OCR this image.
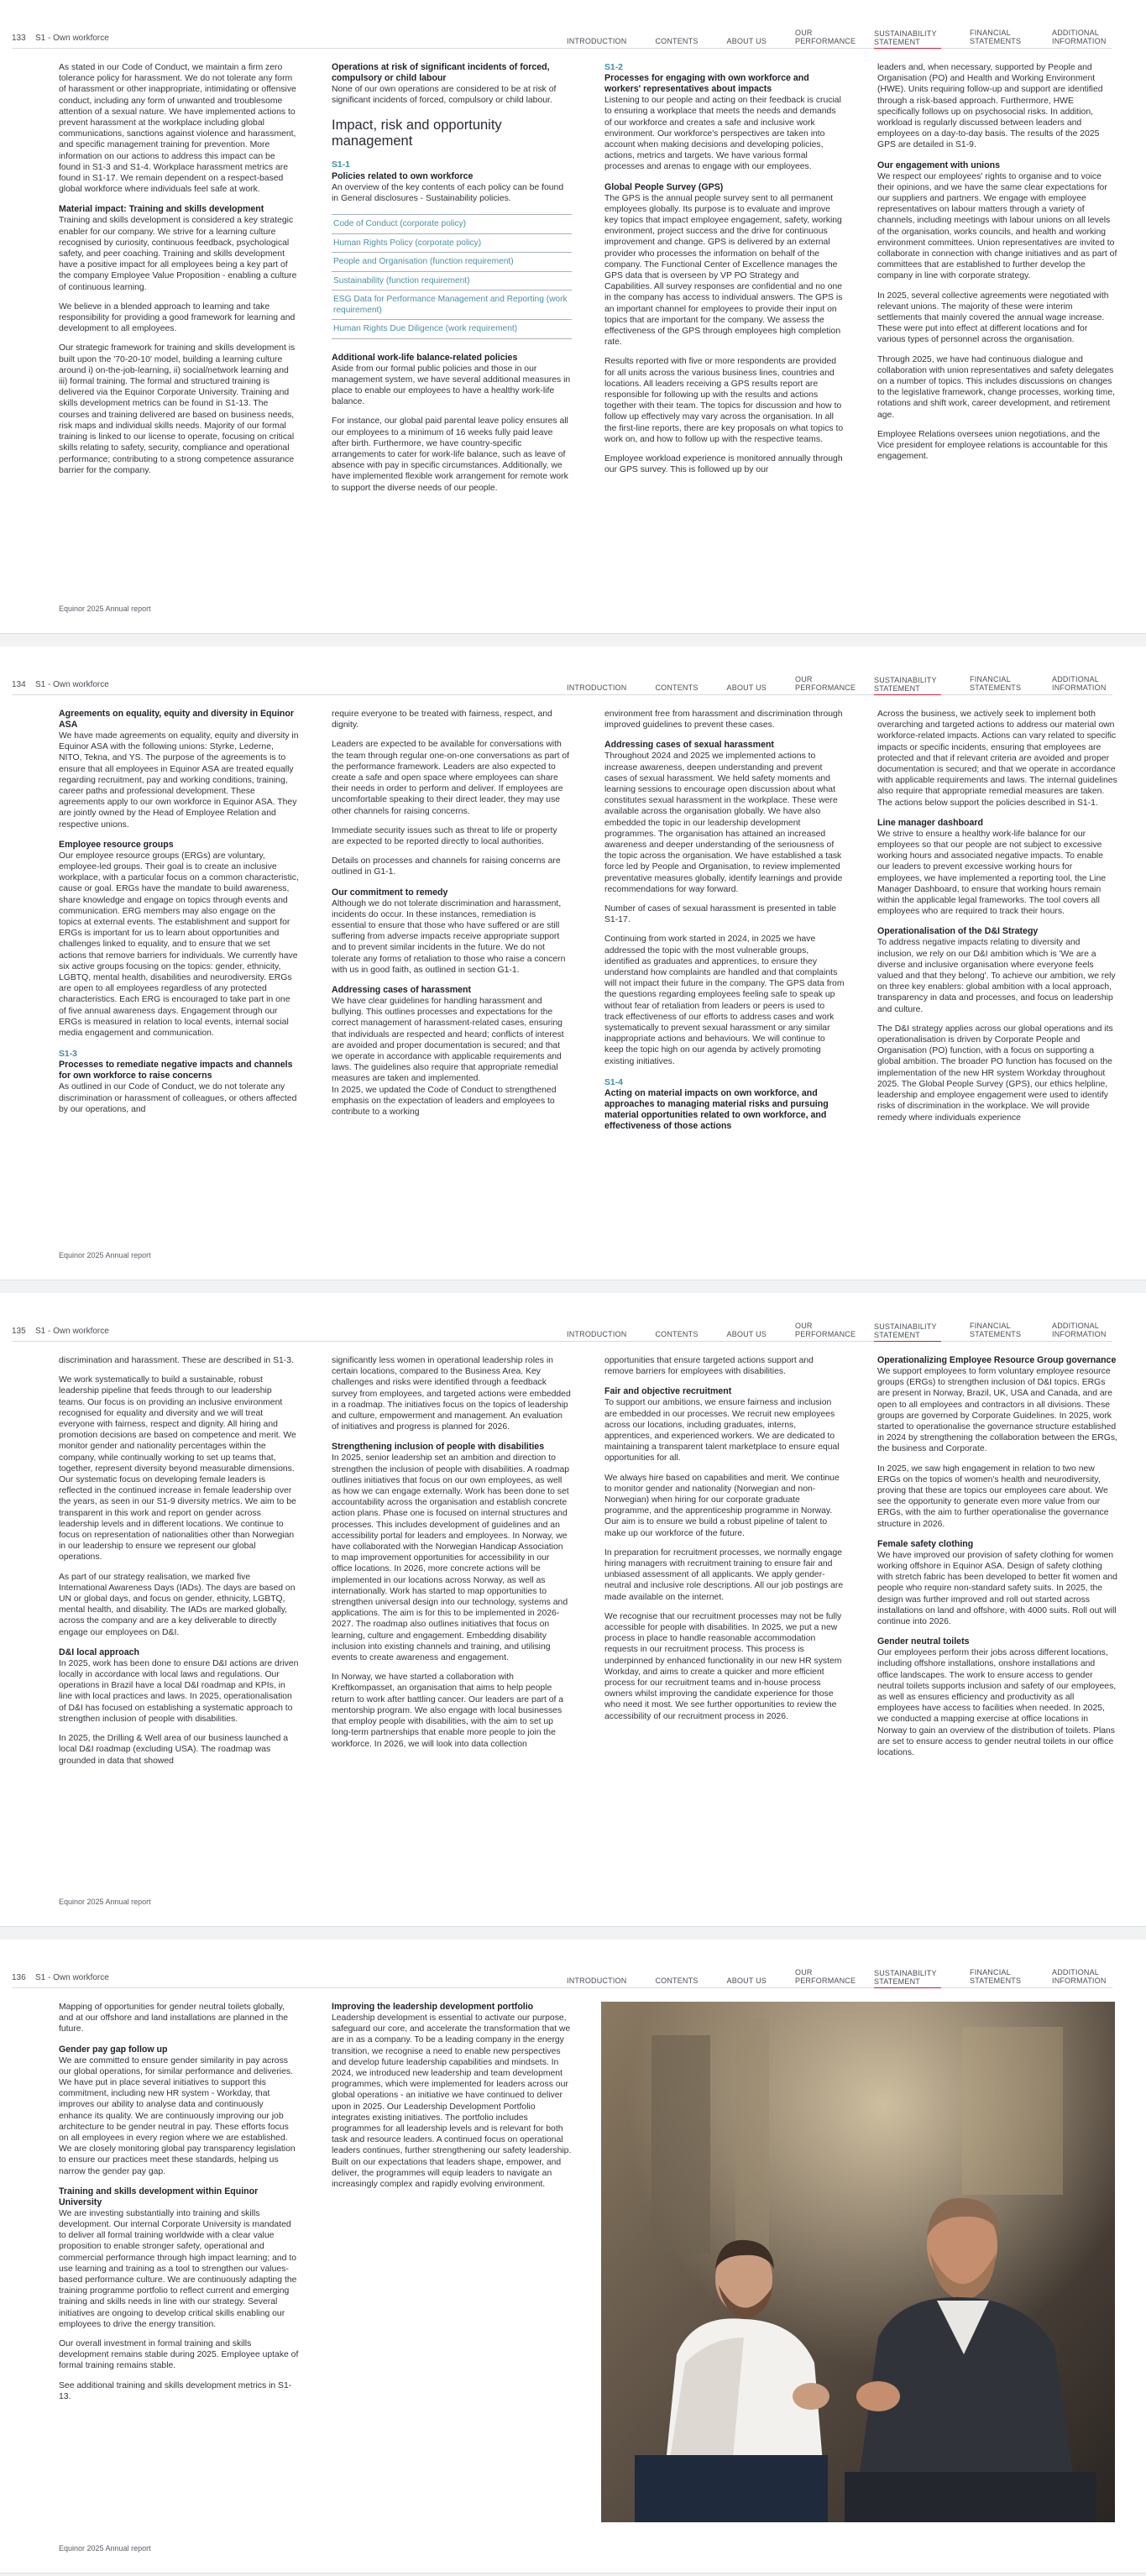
133 S1 - Own workforce	INTRODUCTION	CONTENTS	ABOUT US
OUR PERFORMANCE
SUSTAINABILITY STATEMENT
FINANCIAL STATEMENTS
ADDITIONAL INFORMATION

As stated in our Code of Conduct, we maintain a firm zero tolerance policy for harassment. We do not tolerate any form of harassment or other inappropriate, intimidating or offensive conduct, including any form of unwanted and troublesome attention of a sexual nature. We have implemented actions to prevent harassment at the workplace including global communications, sanctions against violence and harassment, and specific management training for prevention. More information on our actions to address this impact can be found in S1-3 and S1-4. Workplace harassment metrics are found in S1-17. We remain dependent on a respect-based global workforce where individuals feel safe at work.

Material impact: Training and skills development

Training and skills development is considered a key strategic enabler for our company. We strive for a learning culture recognised by curiosity, continuous feedback, psychological safety, and peer coaching. Training and skills development have a positive impact for all employees being a key part of the company Employee Value Proposition - enabling a culture of continuous learning.

We believe in a blended approach to learning and take responsibility for providing a good framework for learning and development to all employees.

Our strategic framework for training and skills development is built upon the '70-20-10' model, building a learning culture around i) on-the-job-learning, ii) social/network learning and iii) formal training. The formal and structured training is delivered via the Equinor Corporate University. Training and skills development metrics can be found in S1-13. The courses and training delivered are based on business needs, risk maps and individual skills needs. Majority of our formal training is linked to our license to operate, focusing on critical skills relating to safety, security, compliance and operational performance; contributing to a strong competence assurance barrier for the company.

Operations at risk of significant incidents of forced, compulsory or child labour

None of our own operations are considered to be at risk of significant incidents of forced, compulsory or child labour.

Impact, risk and opportunity management
S1-1
Policies related to own workforce

An overview of the key contents of each policy can be found in General disclosures - Sustainability policies.

Code of Conduct (corporate policy)
Human Rights Policy (corporate policy)
People and Organisation (function requirement)
Sustainability (function requirement)
ESG Data for Performance Management and Reporting (work requirement)
Human Rights Due Diligence (work requirement)
Additional work-life balance-related policies

Aside from our formal public policies and those in our management system, we have several additional measures in place to enable our employees to have a healthy work-life balance.

For instance, our global paid parental leave policy ensures all our employees to a minimum of 16 weeks fully paid leave after birth. Furthermore, we have country-specific arrangements to cater for work-life balance, such as leave of absence with pay in specific circumstances. Additionally, we have implemented flexible work arrangement for remote work to support the diverse needs of our people.

S1-2
Processes for engaging with own workforce and workers' representatives about impacts

Listening to our people and acting on their feedback is crucial to ensuring a workplace that meets the needs and demands of our workforce and creates a safe and inclusive work environment. Our workforce's perspectives are taken into account when making decisions and developing policies, actions, metrics and targets. We have various formal processes and arenas to engage with our employees.

Global People Survey (GPS)

The GPS is the annual people survey sent to all permanent employees globally. Its purpose is to evaluate and improve key topics that impact employee engagement, safety, working environment, project success and the drive for continuous improvement and change. GPS is delivered by an external provider who processes the information on behalf of the company. The Functional Center of Excellence manages the GPS data that is overseen by VP PO Strategy and Capabilities. All survey responses are confidential and no one in the company has access to individual answers. The GPS is an important channel for employees to provide their input on topics that are important for the company. We assess the effectiveness of the GPS through employees high completion rate.

Results reported with five or more respondents are provided for all units across the various business lines, countries and locations. All leaders receiving a GPS results report are responsible for following up with the results and actions together with their team. The topics for discussion and how to follow up effectively may vary across the organisation. In all the first-line reports, there are key proposals on what topics to work on, and how to follow up with the respective teams.

Employee workload experience is monitored annually through our GPS survey. This is followed up by our

leaders and, when necessary, supported by People and Organisation (PO) and Health and Working Environment (HWE). Units requiring follow-up and support are identified through a risk-based approach. Furthermore, HWE specifically follows up on psychosocial risks. In addition, workload is regularly discussed between leaders and employees on a day-to-day basis. The results of the 2025 GPS are detailed in S1-9.

Our engagement with unions

We respect our employees' rights to organise and to voice their opinions, and we have the same clear expectations for our suppliers and partners. We engage with employee representatives on labour matters through a variety of channels, including meetings with labour unions on all levels of the organisation, works councils, and health and working environment committees. Union representatives are invited to collaborate in connection with change initiatives and as part of committees that are established to further develop the company in line with corporate strategy.

In 2025, several collective agreements were negotiated with relevant unions. The majority of these were interim settlements that mainly covered the annual wage increase. These were put into effect at different locations and for various types of personnel across the organisation.

Through 2025, we have had continuous dialogue and collaboration with union representatives and safety delegates on a number of topics. This includes discussions on changes to the legislative framework, change processes, working time, rotations and shift work, career development, and retirement age.

Employee Relations oversees union negotiations, and the Vice president for employee relations is accountable for this engagement.

Equinor 2025 Annual report
134 S1 - Own workforce	INTRODUCTION	CONTENTS	ABOUT US
OUR PERFORMANCE
SUSTAINABILITY STATEMENT
FINANCIAL STATEMENTS
ADDITIONAL INFORMATION
Agreements on equality, equity and diversity in Equinor ASA

We have made agreements on equality, equity and diversity in Equinor ASA with the following unions: Styrke, Lederne, NITO, Tekna, and YS. The purpose of the agreements is to ensure that all employees in Equinor ASA are treated equally regarding recruitment, pay and working conditions, training, career paths and professional development. These agreements apply to our own workforce in Equinor ASA. They are jointly owned by the Head of Employee Relation and respective unions.

Employee resource groups

Our employee resource groups (ERGs) are voluntary, employee-led groups. Their goal is to create an inclusive workplace, with a particular focus on a common characteristic, cause or goal. ERGs have the mandate to build awareness, share knowledge and engage on topics through events and communication. ERG members may also engage on the topics at external events. The establishment and support for ERGs is important for us to learn about opportunities and challenges linked to equality, and to ensure that we set actions that remove barriers for individuals. We currently have six active groups focusing on the topics: gender, ethnicity, LGBTQ, mental health, disabilities and neurodiversity. ERGs are open to all employees regardless of any protected characteristics. Each ERG is encouraged to take part in one of five annual awareness days. Engagement through our ERGs is measured in relation to local events, internal social media engagement and communication.

S1-3
Processes to remediate negative impacts and channels for own workforce to raise concerns

As outlined in our Code of Conduct, we do not tolerate any discrimination or harassment of colleagues, or others affected by our operations, and

require everyone to be treated with fairness, respect, and dignity.

Leaders are expected to be available for conversations with the team through regular one-on-one conversations as part of the performance framework. Leaders are also expected to create a safe and open space where employees can share their needs in order to perform and deliver. If employees are uncomfortable speaking to their direct leader, they may use other channels for raising concerns.

Immediate security issues such as threat to life or property are expected to be reported directly to local authorities.

Details on processes and channels for raising concerns are outlined in G1-1.

Our commitment to remedy

Although we do not tolerate discrimination and harassment, incidents do occur. In these instances, remediation is essential to ensure that those who have suffered or are still suffering from adverse impacts receive appropriate support and to prevent similar incidents in the future. We do not tolerate any forms of retaliation to those who raise a concern with us in good faith, as outlined in section G1-1.

Addressing cases of harassment

We have clear guidelines for handling harassment and bullying. This outlines processes and expectations for the correct management of harassment-related cases, ensuring that individuals are respected and heard; conflicts of interest are avoided and proper documentation is secured; and that we operate in accordance with applicable requirements and laws. The guidelines also require that appropriate remedial measures are taken and implemented.

In 2025, we updated the Code of Conduct to strengthened emphasis on the expectation of leaders and employees to contribute to a working

environment free from harassment and discrimination through improved guidelines to prevent these cases.

Addressing cases of sexual harassment

Throughout 2024 and 2025 we implemented actions to increase awareness, deepen understanding and prevent cases of sexual harassment. We held safety moments and learning sessions to encourage open discussion about what constitutes sexual harassment in the workplace. These were available across the organisation globally. We have also embedded the topic in our leadership development programmes. The organisation has attained an increased awareness and deeper understanding of the seriousness of the topic across the organisation. We have established a task force led by People and Organisation, to review implemented preventative measures globally, identify learnings and provide recommendations for way forward.

Number of cases of sexual harassment is presented in table S1-17.

Continuing from work started in 2024, in 2025 we have addressed the topic with the most vulnerable groups, identified as graduates and apprentices, to ensure they understand how complaints are handled and that complaints will not impact their future in the company. The GPS data from the questions regarding employees feeling safe to speak up without fear of retaliation from leaders or peers is used to track effectiveness of our efforts to address cases and work systematically to prevent sexual harassment or any similar inappropriate actions and behaviours. We will continue to keep the topic high on our agenda by actively promoting existing initiatives.

S1-4
Acting on material impacts on own workforce, and approaches to managing material risks and pursuing material opportunities related to own workforce, and effectiveness of those actions

Across the business, we actively seek to implement both overarching and targeted actions to address our material own workforce-related impacts. Actions can vary related to specific impacts or specific incidents, ensuring that employees are protected and that if relevant criteria are avoided and proper documentation is secured; and that we operate in accordance with applicable requirements and laws. The internal guidelines also require that appropriate remedial measures are taken. The actions below support the policies described in S1-1.

Line manager dashboard

We strive to ensure a healthy work-life balance for our employees so that our people are not subject to excessive working hours and associated negative impacts. To enable our leaders to prevent excessive working hours for employees, we have implemented a reporting tool, the Line Manager Dashboard, to ensure that working hours remain within the applicable legal frameworks. The tool covers all employees who are required to track their hours.

Operationalisation of the D&I Strategy

To address negative impacts relating to diversity and inclusion, we rely on our D&I ambition which is 'We are a diverse and inclusive organisation where everyone feels valued and that they belong'. To achieve our ambition, we rely on three key enablers: global ambition with a local approach, transparency in data and processes, and focus on leadership and culture.

The D&I strategy applies across our global operations and its operationalisation is driven by Corporate People and Organisation (PO) function, with a focus on supporting a global ambition. The broader PO function has focused on the implementation of the new HR system Workday throughout 2025. The Global People Survey (GPS), our ethics helpline, leadership and employee engagement were used to identify risks of discrimination in the workplace. We will provide remedy where individuals experience

Equinor 2025 Annual report
135 S1 - Own workforce	INTRODUCTION	CONTENTS	ABOUT US
OUR PERFORMANCE
SUSTAINABILITY STATEMENT
FINANCIAL STATEMENTS
ADDITIONAL INFORMATION

discrimination and harassment. These are described in S1-3.

We work systematically to build a sustainable, robust leadership pipeline that feeds through to our leadership teams. Our focus is on providing an inclusive environment recognised for equality and diversity and we will treat everyone with fairness, respect and dignity. All hiring and promotion decisions are based on competence and merit. We monitor gender and nationality percentages within the company, while continually working to set up teams that, together, represent diversity beyond measurable dimensions. Our systematic focus on developing female leaders is reflected in the continued increase in female leadership over the years, as seen in our S1-9 diversity metrics. We aim to be transparent in this work and report on gender across leadership levels and in different locations. We continue to focus on representation of nationalities other than Norwegian in our leadership to ensure we represent our global operations.

As part of our strategy realisation, we marked five International Awareness Days (IADs). The days are based on UN or global days, and focus on gender, ethnicity, LGBTQ, mental health, and disability. The IADs are marked globally, across the company and are a key deliverable to directly engage our employees on D&I.

D&I local approach

In 2025, work has been done to ensure D&I actions are driven locally in accordance with local laws and regulations. Our operations in Brazil have a local D&I roadmap and KPIs, in line with local practices and laws. In 2025, operationalisation of D&I has focused on establishing a systematic approach to strengthen inclusion of people with disabilities.

In 2025, the Drilling & Well area of our business launched a local D&I roadmap (excluding USA). The roadmap was grounded in data that showed

significantly less women in operational leadership roles in certain locations, compared to the Business Area. Key challenges and risks were identified through a feedback survey from employees, and targeted actions were embedded in a roadmap. The initiatives focus on the topics of leadership and culture, empowerment and management. An evaluation of initiatives and progress is planned for 2026.

Strengthening inclusion of people with disabilities

In 2025, senior leadership set an ambition and direction to strengthen the inclusion of people with disabilities. A roadmap outlines initiatives that focus on our own employees, as well as how we can engage externally. Work has been done to set accountability across the organisation and establish concrete action plans. Phase one is focused on internal structures and processes. This includes development of guidelines and an accessibility portal for leaders and employees. In Norway, we have collaborated with the Norwegian Handicap Association to map improvement opportunities for accessibility in our office locations. In 2026, more concrete actions will be implemented in our locations across Norway, as well as internationally. Work has started to map opportunities to strengthen universal design into our technology, systems and applications. The aim is for this to be implemented in 2026-2027. The roadmap also outlines initiatives that focus on learning, culture and engagement. Embedding disability inclusion into existing channels and training, and utilising events to create awareness and engagement.

In Norway, we have started a collaboration with Kreftkompasset, an organisation that aims to help people return to work after battling cancer. Our leaders are part of a mentorship program. We also engage with local businesses that employ people with disabilities, with the aim to set up long-term partnerships that enable more people to join the workforce. In 2026, we will look into data collection

opportunities that ensure targeted actions support and remove barriers for employees with disabilities.

Fair and objective recruitment

To support our ambitions, we ensure fairness and inclusion are embedded in our processes. We recruit new employees across our locations, including graduates, interns, apprentices, and experienced workers. We are dedicated to maintaining a transparent talent marketplace to ensure equal opportunities for all.

We always hire based on capabilities and merit. We continue to monitor gender and nationality (Norwegian and non- Norwegian) when hiring for our corporate graduate programme, and the apprenticeship programme in Norway. Our aim is to ensure we build a robust pipeline of talent to make up our workforce of the future.

In preparation for recruitment processes, we normally engage hiring managers with recruitment training to ensure fair and unbiased assessment of all applicants. We apply gender-neutral and inclusive role descriptions. All our job postings are made available on the internet.

We recognise that our recruitment processes may not be fully accessible for people with disabilities. In 2025, we put a new process in place to handle reasonable accommodation requests in our recruitment process. This process is underpinned by enhanced functionality in our new HR system Workday, and aims to create a quicker and more efficient process for our recruitment teams and in-house process owners whilst improving the candidate experience for those who need it most. We see further opportunities to review the accessibility of our recruitment process in 2026.

Operationalizing Employee Resource Group governance

We support employees to form voluntary employee resource groups (ERGs) to strengthen inclusion of D&I topics. ERGs are present in Norway, Brazil, UK, USA and Canada, and are open to all employees and contractors in all divisions. These groups are governed by Corporate Guidelines. In 2025, work started to operationalise the governance structure established in 2024 by strengthening the collaboration between the ERGs, the business and Corporate.

In 2025, we saw high engagement in relation to two new ERGs on the topics of women's health and neurodiversity, proving that these are topics our employees care about. We see the opportunity to generate even more value from our ERGs, with the aim to further operationalise the governance structure in 2026.

Female safety clothing

We have improved our provision of safety clothing for women working offshore in Equinor ASA. Design of safety clothing with stretch fabric has been developed to better fit women and people who require non-standard safety suits. In 2025, the design was further improved and roll out started across installations on land and offshore, with 4000 suits. Roll out will continue into 2026.

Gender neutral toilets

Our employees perform their jobs across different locations, including offshore installations, onshore installations and office landscapes. The work to ensure access to gender neutral toilets supports inclusion and safety of our employees, as well as ensures efficiency and productivity as all employees have access to facilities when needed. In 2025, we conducted a mapping exercise at office locations in Norway to gain an overview of the distribution of toilets. Plans are set to ensure access to gender neutral toilets in our office locations.

Equinor 2025 Annual report
136 S1 - Own workforce	INTRODUCTION	CONTENTS	ABOUT US
OUR PERFORMANCE
SUSTAINABILITY STATEMENT
FINANCIAL STATEMENTS
ADDITIONAL INFORMATION

Mapping of opportunities for gender neutral toilets globally, and at our offshore and land installations are planned in the future.

Gender pay gap follow up

We are committed to ensure gender similarity in pay across our global operations, for similar performance and deliveries. We have put in place several initiatives to support this commitment, including new HR system - Workday, that improves our ability to analyse data and continuously enhance its quality. We are continuously improving our job architecture to be gender neutral in pay. These efforts focus on all employees in every region where we are established. We are closely monitoring global pay transparency legislation to ensure our practices meet these standards, helping us narrow the gender pay gap.

Training and skills development within Equinor University

We are investing substantially into training and skills development. Our internal Corporate University is mandated to deliver all formal training worldwide with a clear value proposition to enable stronger safety, operational and commercial performance through high impact learning; and to use learning and training as a tool to strengthen our values-based performance culture. We are continuously adapting the training programme portfolio to reflect current and emerging training and skills needs in line with our strategy. Several initiatives are ongoing to develop critical skills enabling our employees to drive the energy transition.

Our overall investment in formal training and skills development remains stable during 2025. Employee uptake of formal training remains stable.

See additional training and skills development metrics in S1-13.

Improving the leadership development portfolio

Leadership development is essential to activate our purpose, safeguard our core, and accelerate the transformation that we are in as a company. To be a leading company in the energy transition, we recognise a need to enable new perspectives and develop future leadership capabilities and mindsets. In 2024, we introduced new leadership and team development programmes, which were implemented for leaders across our global operations - an initiative we have continued to deliver upon in 2025. Our Leadership Development Portfolio integrates existing initiatives. The portfolio includes programmes for all leadership levels and is relevant for both task and resource leaders. A continued focus on operational leaders continues, further strengthening our safety leadership. Built on our expectations that leaders shape, empower, and deliver, the programmes will equip leaders to navigate an increasingly complex and rapidly evolving environment.

Equinor 2025 Annual report
